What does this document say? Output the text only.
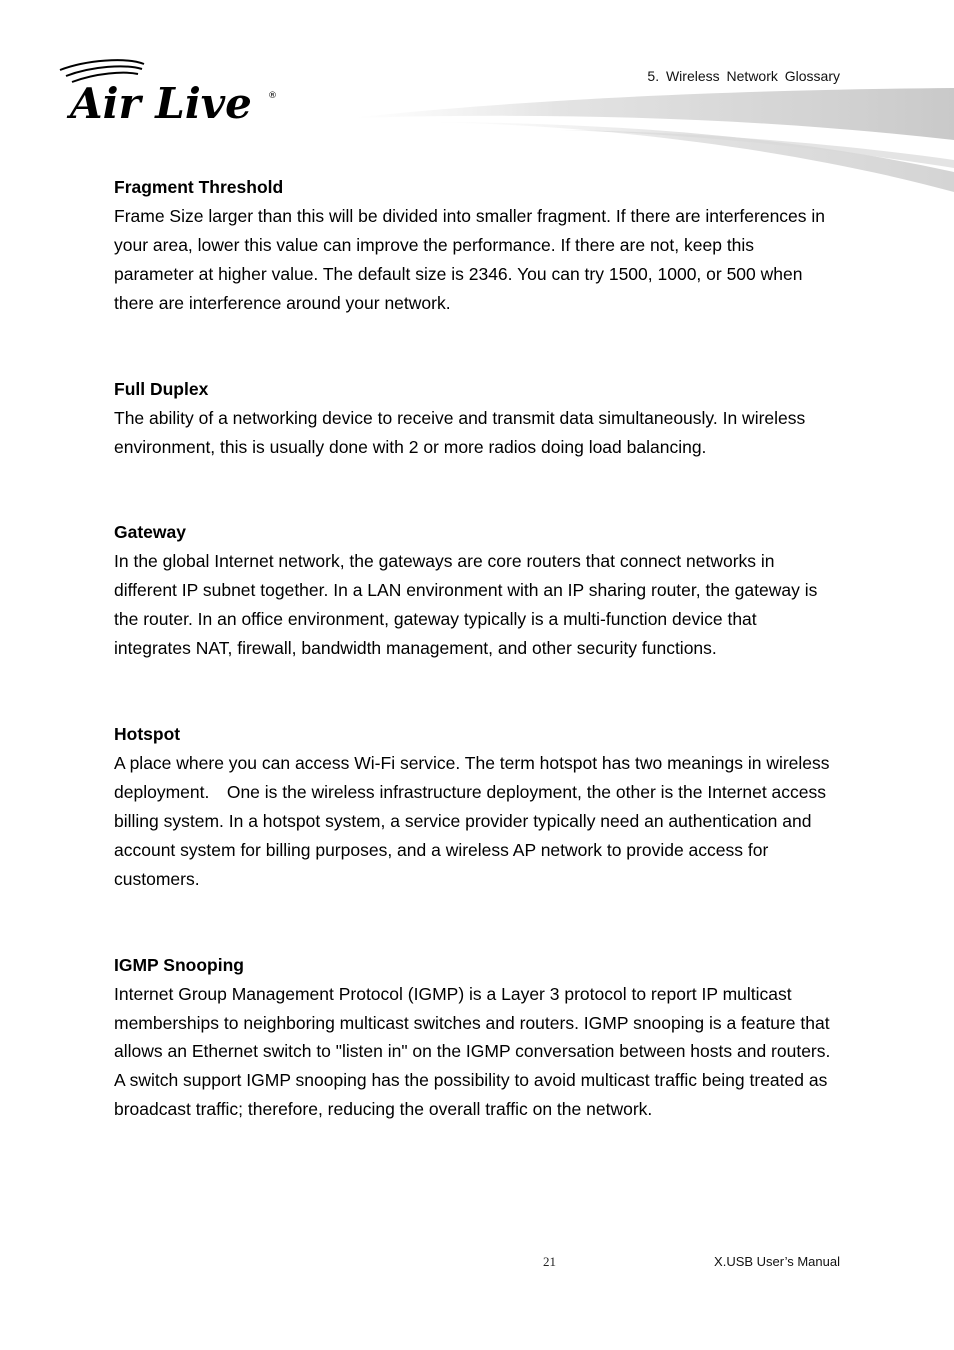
Air Live ®
5. Wireless Network Glossary

Fragment Threshold

Frame Size larger than this will be divided into smaller fragment. If there are interferences in your area, lower this value can improve the performance. If there are not, keep this parameter at higher value. The default size is 2346. You can try 1500, 1000, or 500 when there are interference around your network.

Full Duplex

The ability of a networking device to receive and transmit data simultaneously. In wireless environment, this is usually done with 2 or more radios doing load balancing.

Gateway

In the global Internet network, the gateways are core routers that connect networks in different IP subnet together. In a LAN environment with an IP sharing router, the gateway is the router. In an office environment, gateway typically is a multi-function device that integrates NAT, firewall, bandwidth management, and other security functions.

Hotspot

A place where you can access Wi-Fi service. The term hotspot has two meanings in wireless deployment.　One is the wireless infrastructure deployment, the other is the Internet access billing system. In a hotspot system, a service provider typically need an authentication and account system for billing purposes, and a wireless AP network to provide access for customers.

IGMP Snooping

Internet Group Management Protocol (IGMP) is a Layer 3 protocol to report IP multicast memberships to neighboring multicast switches and routers. IGMP snooping is a feature that allows an Ethernet switch to "listen in" on the IGMP conversation between hosts and routers. A switch support IGMP snooping has the possibility to avoid multicast traffic being treated as broadcast traffic; therefore, reducing the overall traffic on the network.

21	X.USB User’s Manual
